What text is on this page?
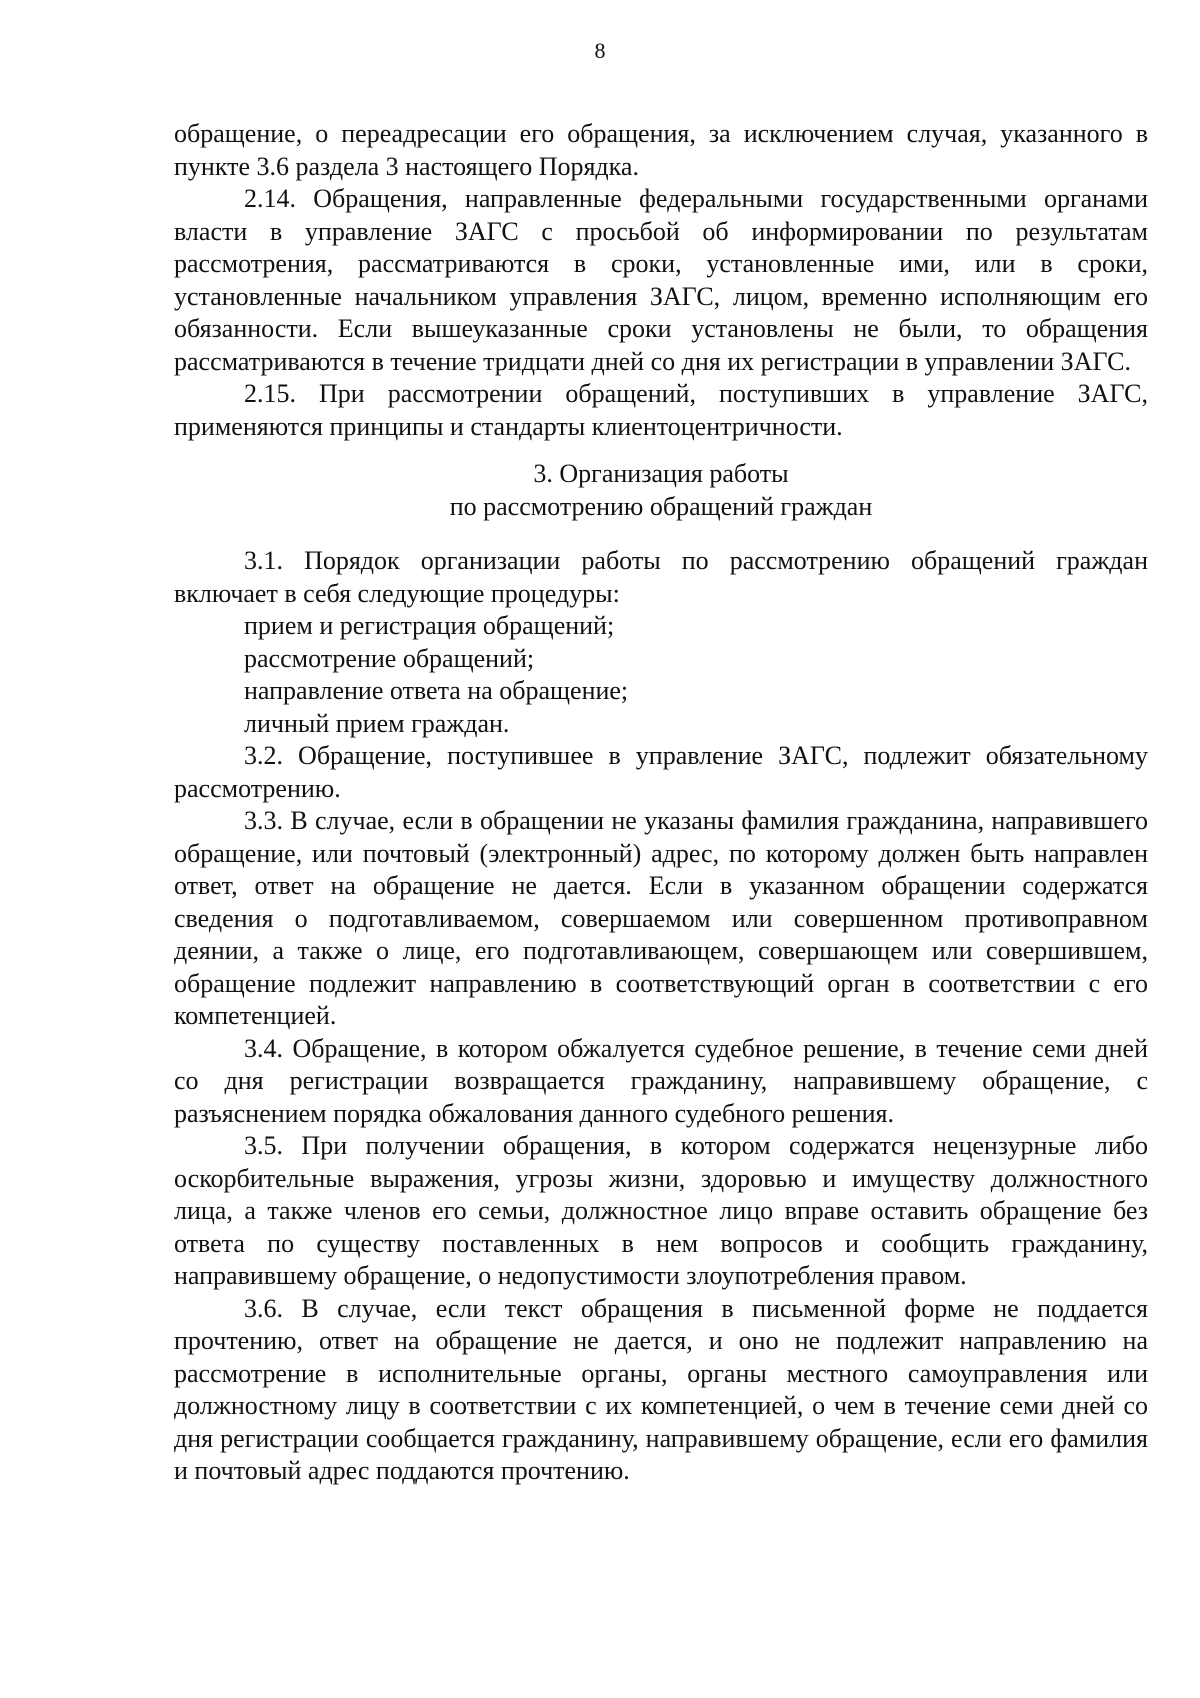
8

обращение, о переадресации его обращения, за исключением случая, указанного в пункте 3.6 раздела 3 настоящего Порядка.

2.14. Обращения, направленные федеральными государственными органами власти в управление ЗАГС с просьбой об информировании по результатам рассмотрения, рассматриваются в сроки, установленные ими, или в сроки, установленные начальником управления ЗАГС, лицом, временно исполняющим его обязанности. Если вышеуказанные сроки установлены не были, то обращения рассматриваются в течение тридцати дней со дня их регистрации в управлении ЗАГС.

2.15. При рассмотрении обращений, поступивших в управление ЗАГС, применяются принципы и стандарты клиентоцентричности.

3. Организация работы
по рассмотрению обращений граждан

3.1. Порядок организации работы по рассмотрению обращений граждан включает в себя следующие процедуры:

прием и регистрация обращений;

рассмотрение обращений;

направление ответа на обращение;

личный прием граждан.

3.2. Обращение, поступившее в управление ЗАГС, подлежит обязательному рассмотрению.

3.3. В случае, если в обращении не указаны фамилия гражданина, направившего обращение, или почтовый (электронный) адрес, по которому должен быть направлен ответ, ответ на обращение не дается. Если в указанном обращении содержатся сведения о подготавливаемом, совершаемом или совершенном противоправном деянии, а также о лице, его подготавливающем, совершающем или совершившем, обращение подлежит направлению в соответствующий орган в соответствии с его компетенцией.

3.4. Обращение, в котором обжалуется судебное решение, в течение семи дней со дня регистрации возвращается гражданину, направившему обращение, с разъяснением порядка обжалования данного судебного решения.

3.5. При получении обращения, в котором содержатся нецензурные либо оскорбительные выражения, угрозы жизни, здоровью и имуществу должностного лица, а также членов его семьи, должностное лицо вправе оставить обращение без ответа по существу поставленных в нем вопросов и сообщить гражданину, направившему обращение, о недопустимости злоупотребления правом.

3.6. В случае, если текст обращения в письменной форме не поддается прочтению, ответ на обращение не дается, и оно не подлежит направлению на рассмотрение в исполнительные органы, органы местного самоуправления или должностному лицу в соответствии с их компетенцией, о чем в течение семи дней со дня регистрации сообщается гражданину, направившему обращение, если его фамилия и почтовый адрес поддаются прочтению.
